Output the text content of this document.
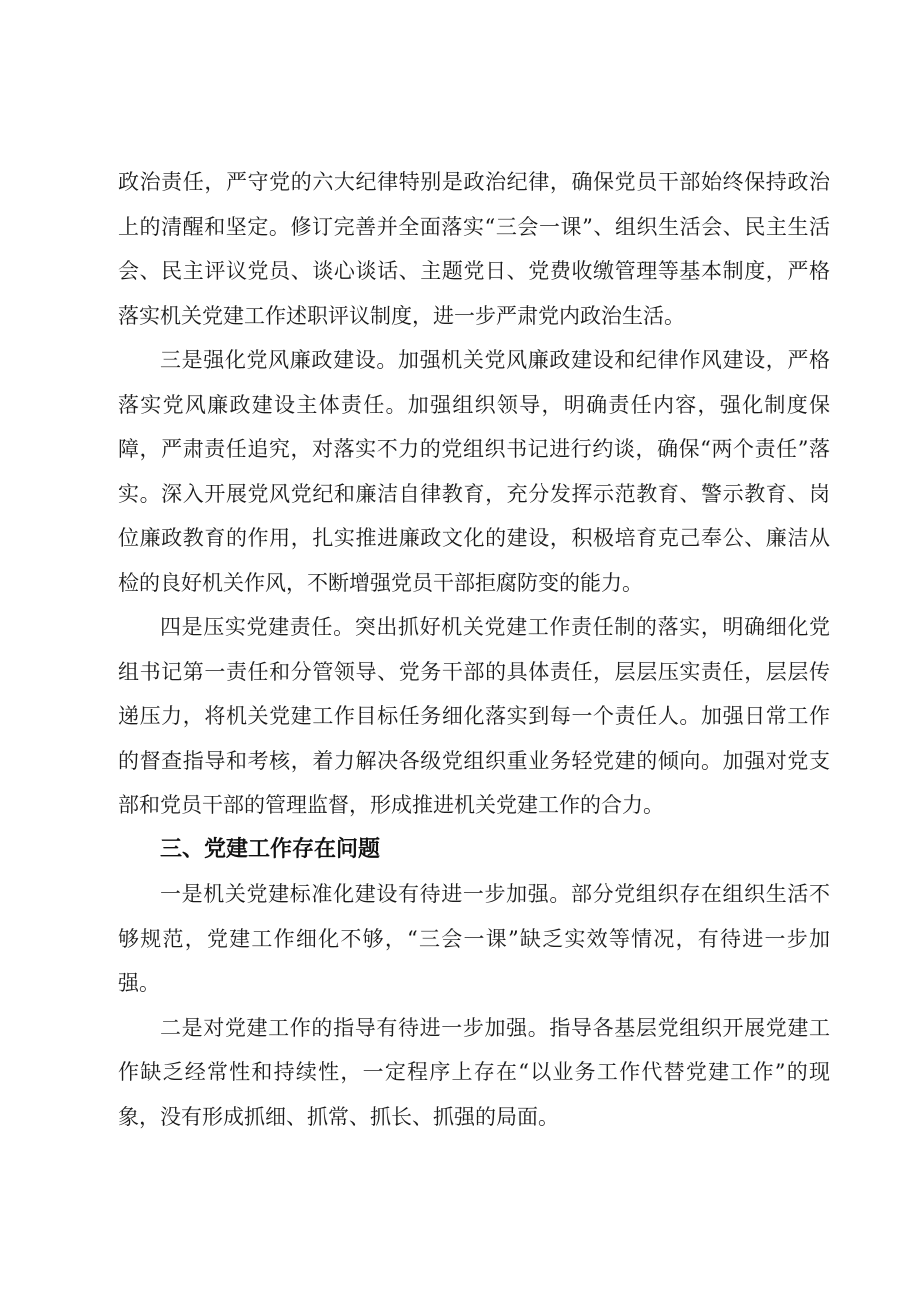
政治责任，严守党的六大纪律特别是政治纪律，确保党员干部始终保持政治上的清醒和坚定。修订完善并全面落实“三会一课”、组织生活会、民主生活会、民主评议党员、谈心谈话、主题党日、党费收缴管理等基本制度，严格落实机关党建工作述职评议制度，进一步严肃党内政治生活。

三是强化党风廉政建设。加强机关党风廉政建设和纪律作风建设，严格落实党风廉政建设主体责任。加强组织领导，明确责任内容，强化制度保障，严肃责任追究，对落实不力的党组织书记进行约谈，确保“两个责任”落实。深入开展党风党纪和廉洁自律教育，充分发挥示范教育、警示教育、岗位廉政教育的作用，扎实推进廉政文化的建设，积极培育克己奉公、廉洁从检的良好机关作风，不断增强党员干部拒腐防变的能力。

四是压实党建责任。突出抓好机关党建工作责任制的落实，明确细化党组书记第一责任和分管领导、党务干部的具体责任，层层压实责任，层层传递压力，将机关党建工作目标任务细化落实到每一个责任人。加强日常工作的督查指导和考核，着力解决各级党组织重业务轻党建的倾向。加强对党支部和党员干部的管理监督，形成推进机关党建工作的合力。

三、党建工作存在问题

一是机关党建标准化建设有待进一步加强。部分党组织存在组织生活不够规范，党建工作细化不够，“三会一课”缺乏实效等情况，有待进一步加强。

二是对党建工作的指导有待进一步加强。指导各基层党组织开展党建工作缺乏经常性和持续性，一定程序上存在“以业务工作代替党建工作”的现象，没有形成抓细、抓常、抓长、抓强的局面。
